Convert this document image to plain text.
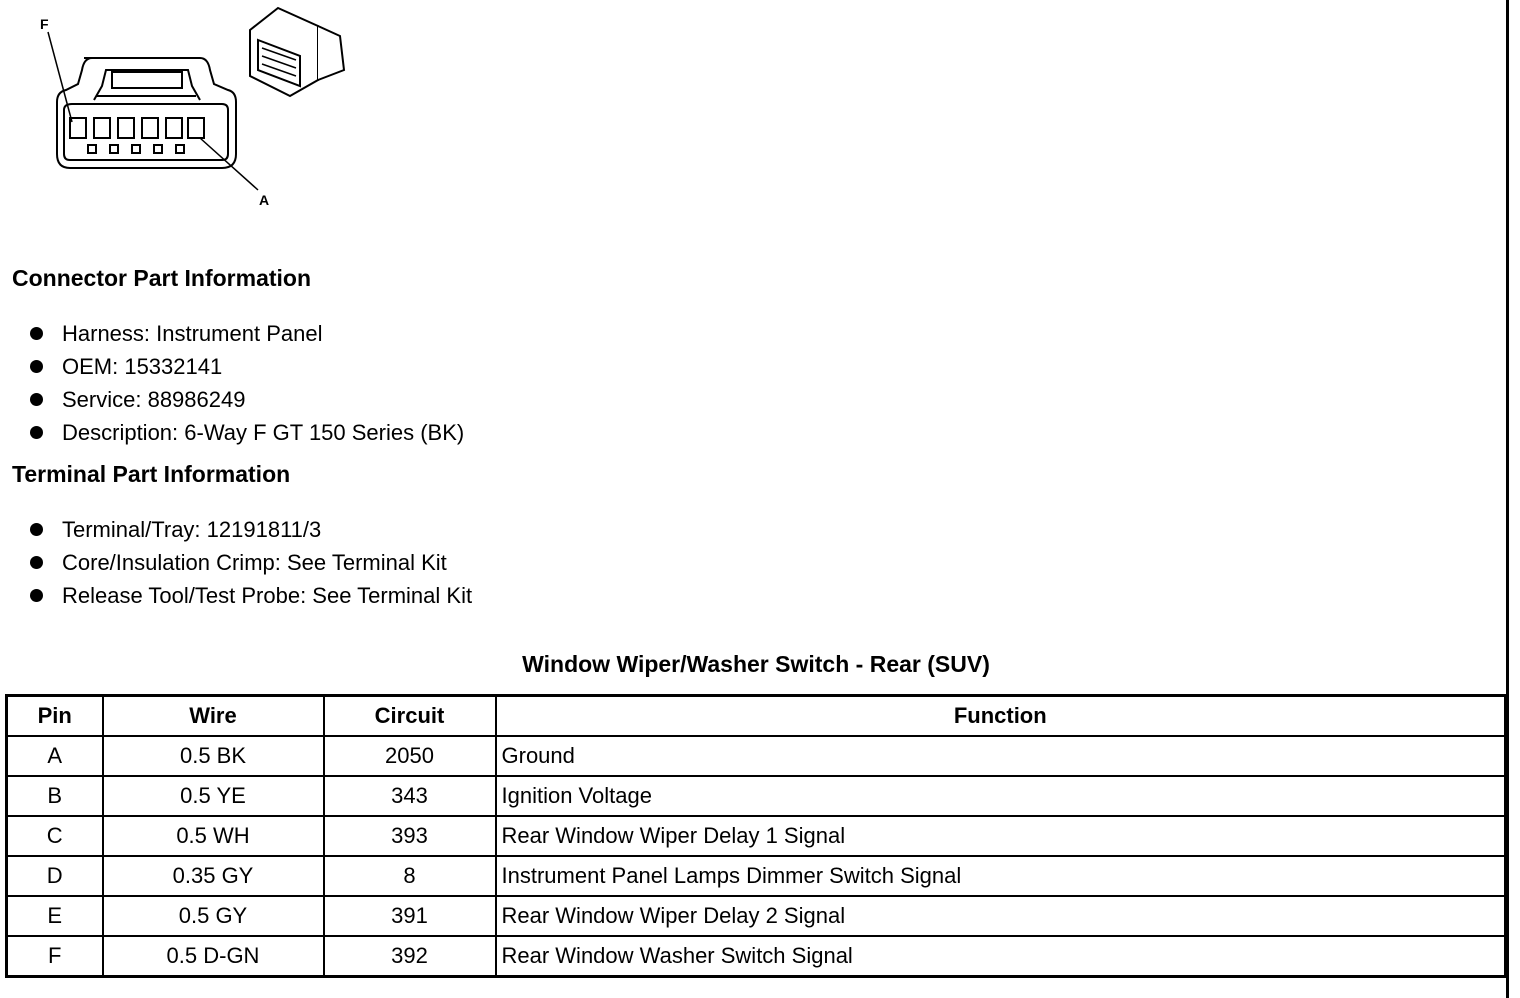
F
A
Connector Part Information
Harness: Instrument Panel
OEM: 15332141
Service: 88986249
Description: 6-Way F GT 150 Series (BK)
Terminal Part Information
Terminal/Tray: 12191811/3
Core/Insulation Crimp: See Terminal Kit
Release Tool/Test Probe: See Terminal Kit
Window Wiper/Washer Switch - Rear (SUV)
Pin	Wire	Circuit	Function
A	0.5 BK	2050	Ground
B	0.5 YE	343	Ignition Voltage
C	0.5 WH	393	Rear Window Wiper Delay 1 Signal
D	0.35 GY	8	Instrument Panel Lamps Dimmer Switch Signal
E	0.5 GY	391	Rear Window Wiper Delay 2 Signal
F	0.5 D-GN	392	Rear Window Washer Switch Signal
